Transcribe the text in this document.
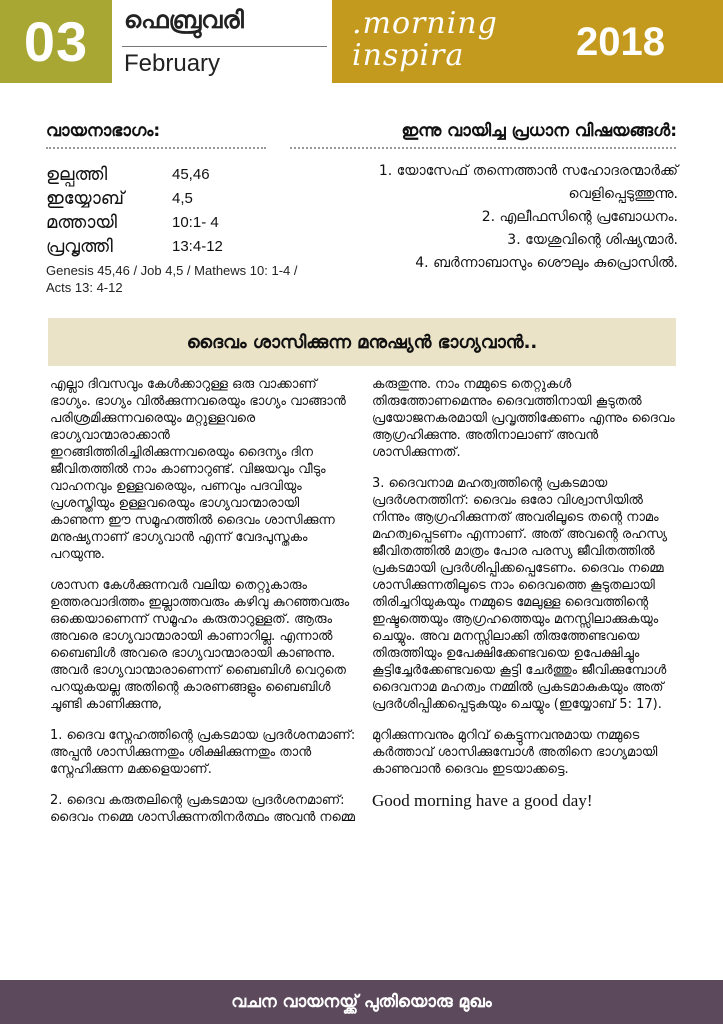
03	ഫെബ്രുവരി
February
.morning
inspira	2018
വായനാഭാഗം:
ഉല്പത്തി	45,46
ഇയ്യോബ്	4,5
മത്തായി	10:1- 4
പ്രവൃത്തി	13:4-12
Genesis 45,46 / Job 4,5 / Mathews 10: 1-4 / Acts 13: 4-12
ഇന്നു വായിച്ച പ്രധാന വിഷയങ്ങൾ:
1. യോസേഫ് തന്നെത്താൻ സഹോദരന്മാർക്ക് വെളിപ്പെടുത്തുന്നു.
2. എലീഫസിന്റെ പ്രബോധനം.
3. യേശുവിന്റെ ശിഷ്യന്മാർ.
4. ബർന്നാബാസും ശൌലും കുപ്രൊസിൽ.
ദൈവം ശാസിക്കുന്ന മനുഷ്യൻ ഭാഗ്യവാൻ..

എല്ലാ ദിവസവും കേൾക്കാറുള്ള ഒരു വാക്കാണ് ഭാഗ്യം. ഭാഗ്യം വിൽക്കുന്നവരെയും ഭാഗ്യം വാങ്ങാൻ പരിശ്രമിക്കുന്നവരെയും മറ്റുള്ളവരെ ഭാഗ്യവാന്മാരാക്കാൻ ഇറങ്ങിത്തിരിച്ചിരിക്കുന്നവരെയും ദൈന്യം ദിന ജീവിതത്തിൽ നാം കാണാറുണ്ട്. വിജയവും വീടും വാഹനവും ഉള്ളവരെയും, പണവും പദവിയും പ്രശസ്തിയും ഉള്ളവരെയും ഭാഗ്യവാന്മാരായി കാണുന്ന ഈ സമൂഹത്തിൽ ദൈവം ശാസിക്കുന്ന മനുഷ്യനാണ് ഭാഗ്യവാൻ എന്ന് വേദപുസ്തകം പറയുന്നു.

ശാസന കേൾക്കുന്നവർ വലിയ തെറ്റുകാരും ഉത്തരവാദിത്തം ഇല്ലാത്തവരും കഴിവു കുറഞ്ഞവരും ഒക്കെയാണെന്ന് സമൂഹം കരുതാറുള്ളത്. ആരും അവരെ ഭാഗ്യവാന്മാരായി കാണാറില്ല. എന്നാൽ ബൈബിൾ അവരെ ഭാഗ്യവാന്മാരായി കാണുന്നു. അവർ ഭാഗ്യവാന്മാരാണെന്ന് ബൈബിൾ വെറുതെ പറയുകയല്ല അതിന്റെ കാരണങ്ങളും ബൈബിൾ ചൂണ്ടി കാണിക്കുന്നു,

1. ദൈവ സ്നേഹത്തിന്റെ പ്രകടമായ പ്രദർശനമാണ്: അപ്പൻ ശാസിക്കുന്നതും ശിക്ഷിക്കുന്നതും താൻ സ്നേഹിക്കുന്ന മക്കളെയാണ്.

2. ദൈവ കരുതലിന്റെ പ്രകടമായ പ്രദർശനമാണ്: ദൈവം നമ്മെ ശാസിക്കുന്നതിനർത്ഥം അവൻ നമ്മെ

കരുതുന്നു. നാം നമ്മുടെ തെറ്റുകൾ തിരുത്തോണമെന്നും ദൈവത്തിനായി കൂടുതൽ പ്രയോജനകരമായി പ്രവൃത്തിക്കേണം എന്നും ദൈവം ആഗ്രഹിക്കുന്നു. അതിനാലാണ് അവൻ ശാസിക്കുന്നത്.

3. ദൈവനാമ മഹത്വത്തിന്റെ പ്രകടമായ പ്രദർശനത്തിന്: ദൈവം ഒരോ വിശ്വാസിയിൽ നിന്നും ആഗ്രഹിക്കുന്നത് അവരിലൂടെ തന്റെ നാമം മഹത്വപ്പെടണം എന്നാണ്. അത് അവന്റെ രഹസ്യ ജീവിതത്തിൽ മാത്രം പോര പരസ്യ ജീവിതത്തിൽ പ്രകടമായി പ്രദർശിപ്പിക്കപ്പെടേണം. ദൈവം നമ്മെ ശാസിക്കുന്നതിലൂടെ നാം ദൈവത്തെ കൂടുതലായി തിരിച്ചറിയുകയും നമ്മുടെ മേലുള്ള ദൈവത്തിന്റെ ഇഷ്ടത്തെയും ആഗ്രഹത്തെയും മനസ്സിലാക്കുകയും ചെയ്യും. അവ മനസ്സിലാക്കി തിരുത്തേണ്ടവയെ തിരുത്തിയും ഉപേക്ഷിക്കേണ്ടവയെ ഉപേക്ഷിച്ചും കൂട്ടിച്ചേർക്കേണ്ടവയെ കൂട്ടി ചേർത്തും ജീവിക്കുമ്പോൾ ദൈവനാമ മഹത്വം നമ്മിൽ പ്രകടമാകുകയും അത് പ്രദർശിപ്പിക്കപ്പെടുകയും ചെയ്യും (ഇയ്യോബ് 5: 17).

മുറിക്കുന്നവനും മുറിവ് കെട്ടുന്നവനുമായ നമ്മുടെ കർത്താവ് ശാസിക്കുമ്പോൾ അതിനെ ഭാഗ്യമായി കാണുവാൻ ദൈവം ഇടയാക്കട്ടെ.

Good morning have a good day!
വചന വായനയ്ക്ക് പുതിയൊരു മുഖം
